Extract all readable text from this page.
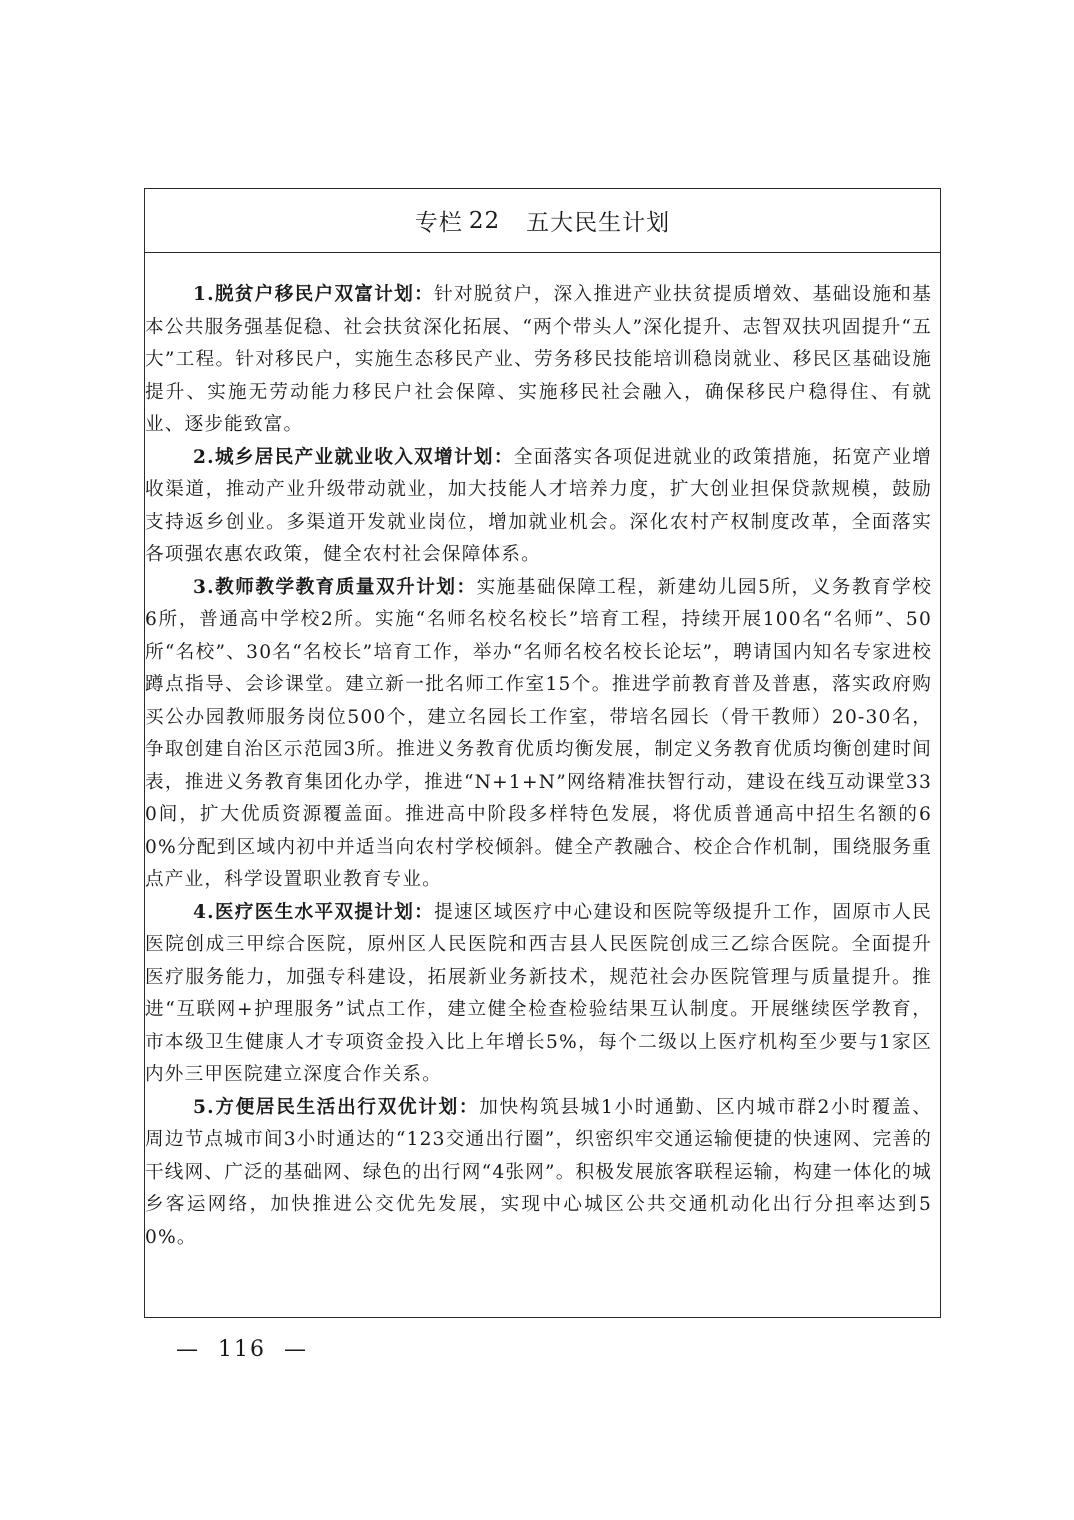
专栏 22 五大民生计划

1.脱贫户移民户双富计划：针对脱贫户，深入推进产业扶贫提质增效、基础设施和基本公共服务强基促稳、社会扶贫深化拓展、“两个带头人”深化提升、志智双扶巩固提升“五大”工程。针对移民户，实施生态移民产业、劳务移民技能培训稳岗就业、移民区基础设施提升、实施无劳动能力移民户社会保障、实施移民社会融入，确保移民户稳得住、有就业、逐步能致富。

2.城乡居民产业就业收入双增计划：全面落实各项促进就业的政策措施，拓宽产业增收渠道，推动产业升级带动就业，加大技能人才培养力度，扩大创业担保贷款规模，鼓励支持返乡创业。多渠道开发就业岗位，增加就业机会。深化农村产权制度改革，全面落实各项强农惠农政策，健全农村社会保障体系。

3.教师教学教育质量双升计划：实施基础保障工程，新建幼儿园5所，义务教育学校6所，普通高中学校2所。实施“名师名校名校长”培育工程，持续开展100名“名师”、50所“名校”、30名“名校长”培育工作，举办“名师名校名校长论坛”，聘请国内知名专家进校蹲点指导、会诊课堂。建立新一批名师工作室15个。推进学前教育普及普惠，落实政府购买公办园教师服务岗位500个，建立名园长工作室，带培名园长（骨干教师）20-30名，争取创建自治区示范园3所。推进义务教育优质均衡发展，制定义务教育优质均衡创建时间表，推进义务教育集团化办学，推进“N+1+N”网络精准扶智行动，建设在线互动课堂330间，扩大优质资源覆盖面。推进高中阶段多样特色发展，将优质普通高中招生名额的60%分配到区域内初中并适当向农村学校倾斜。健全产教融合、校企合作机制，围绕服务重点产业，科学设置职业教育专业。

4.医疗医生水平双提计划：提速区域医疗中心建设和医院等级提升工作，固原市人民医院创成三甲综合医院，原州区人民医院和西吉县人民医院创成三乙综合医院。全面提升医疗服务能力，加强专科建设，拓展新业务新技术，规范社会办医院管理与质量提升。推进“互联网+护理服务”试点工作，建立健全检查检验结果互认制度。开展继续医学教育，市本级卫生健康人才专项资金投入比上年增长5%，每个二级以上医疗机构至少要与1家区内外三甲医院建立深度合作关系。

5.方便居民生活出行双优计划：加快构筑县城1小时通勤、区内城市群2小时覆盖、周边节点城市间3小时通达的“123交通出行圈”，织密织牢交通运输便捷的快速网、完善的干线网、广泛的基础网、绿色的出行网“4张网”。积极发展旅客联程运输，构建一体化的城乡客运网络，加快推进公交优先发展，实现中心城区公共交通机动化出行分担率达到50%。

—  116  —
